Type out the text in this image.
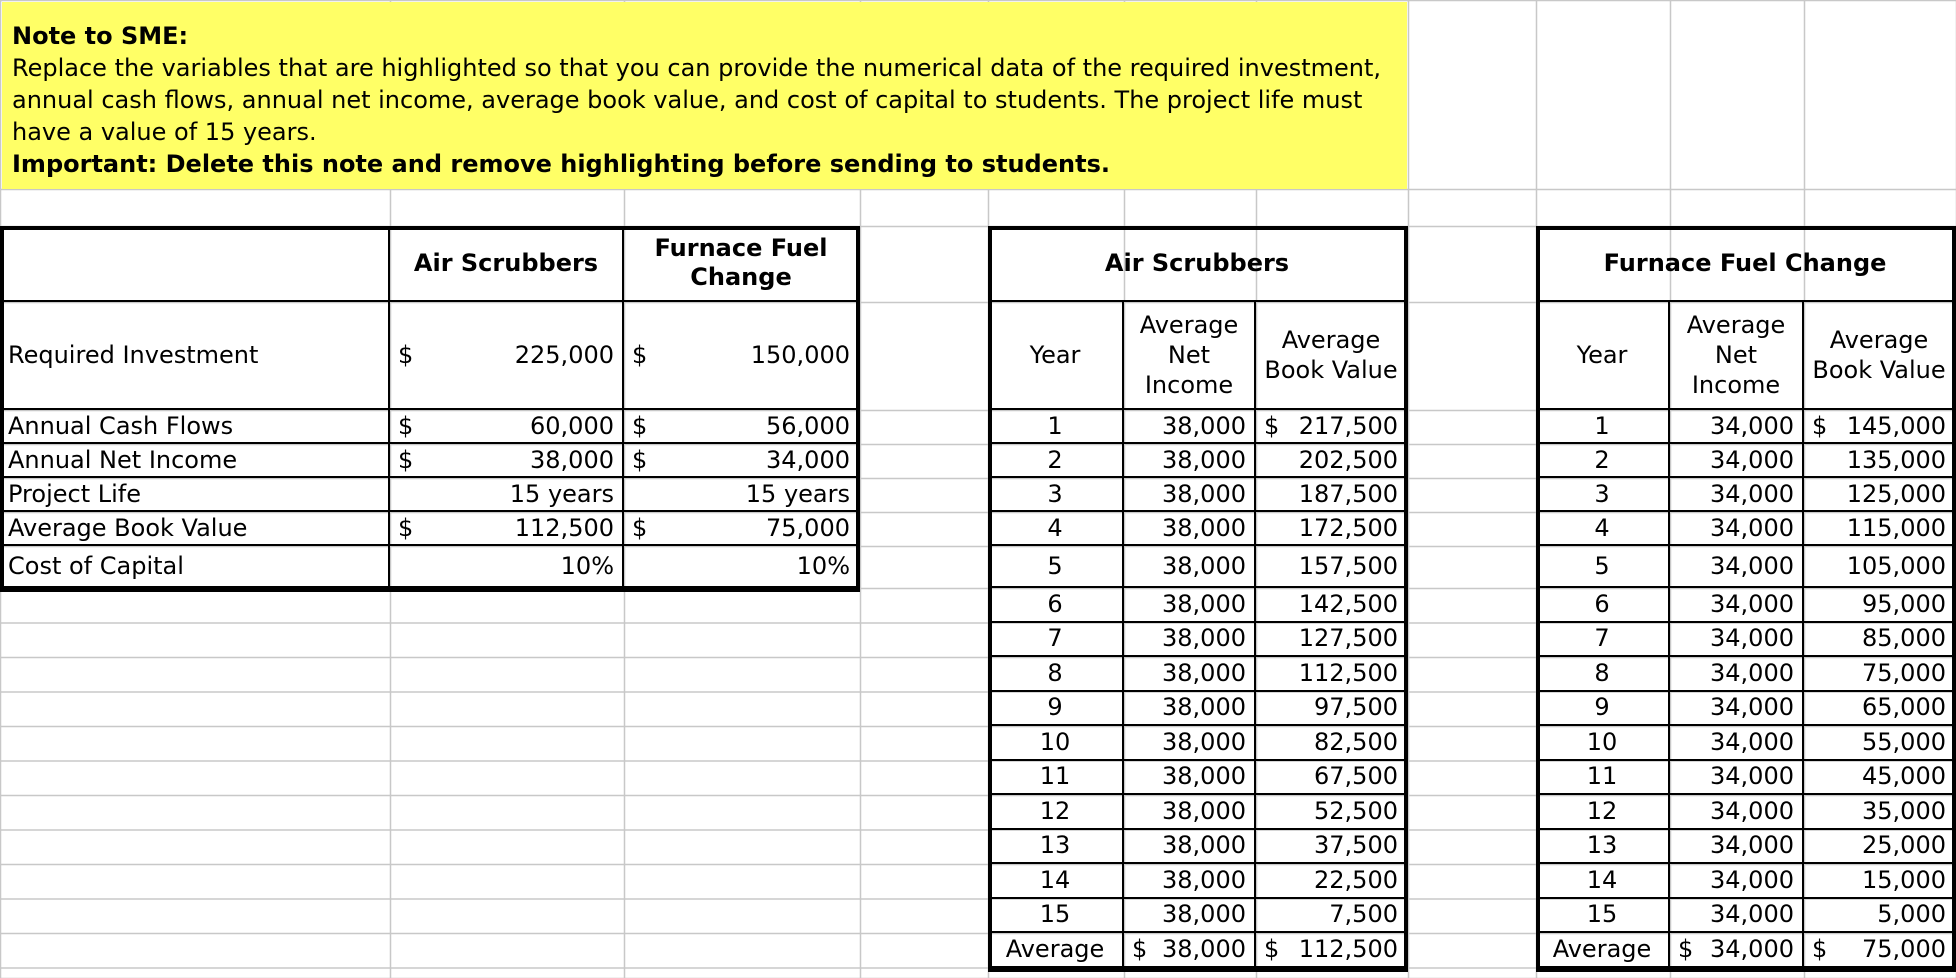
Note to SME:
Replace the variables that are highlighted so that you can provide the numerical data of the required investment, annual cash flows, annual net income, average book value, and cost of capital to students. The project life must have a value of 15 years.
Important: Delete this note and remove highlighting before sending to students.
Air Scrubbers
Furnace Fuel Change
Required Investment	$	225,000 $	150,000
Annual Cash Flows	$	60,000 $	56,000
Annual Net Income	$	38,000 $	34,000
Project Life	15 years	15 years
Average Book Value	$	112,500 $	75,000
Cost of Capital	10%	10%
Air Scrubbers
Year
Average Net Income
Average Book Value
1	38,000 $ 217,500
2	38,000 202,500
3	38,000 187,500
4	38,000 172,500
5	38,000 157,500
6	38,000 142,500
7	38,000 127,500
8	38,000 112,500
9	38,000	97,500
10	38,000	82,500
11	38,000	67,500
12	38,000	52,500
13	38,000	37,500
14	38,000	22,500
15	38,000	7,500
Average $ 38,000 $ 112,500
Furnace Fuel Change
Year
Average Net Income
Average Book Value
1	34,000 $ 145,000
2	34,000 135,000
3	34,000 125,000
4	34,000 115,000
5	34,000 105,000
6	34,000	95,000
7	34,000	85,000
8	34,000	75,000
9	34,000	65,000
10	34,000	55,000
11	34,000	45,000
12	34,000	35,000
13	34,000	25,000
14	34,000	15,000
15	34,000	5,000
Average $ 34,000 $ 75,000
